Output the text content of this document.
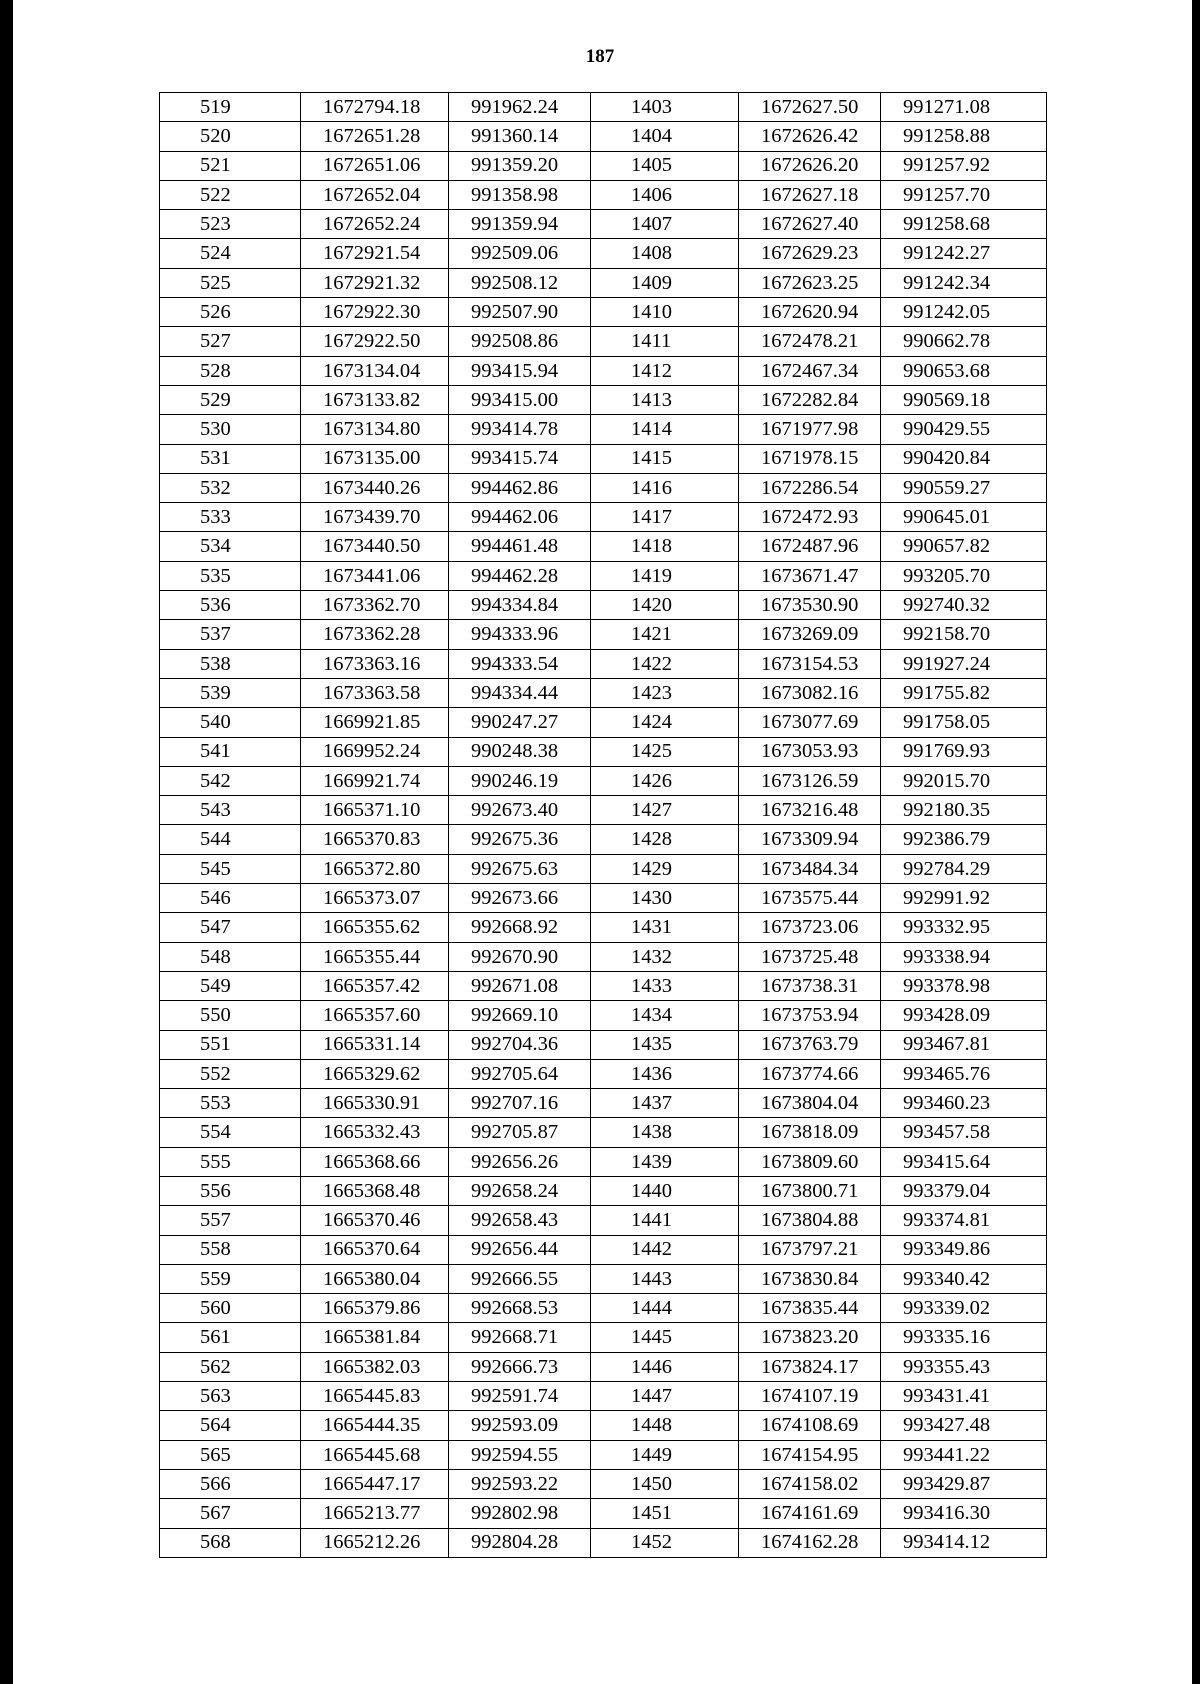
187
519	1672794.18	991962.24	1403	1672627.50	991271.08
520	1672651.28	991360.14	1404	1672626.42	991258.88
521	1672651.06	991359.20	1405	1672626.20	991257.92
522	1672652.04	991358.98	1406	1672627.18	991257.70
523	1672652.24	991359.94	1407	1672627.40	991258.68
524	1672921.54	992509.06	1408	1672629.23	991242.27
525	1672921.32	992508.12	1409	1672623.25	991242.34
526	1672922.30	992507.90	1410	1672620.94	991242.05
527	1672922.50	992508.86	1411	1672478.21	990662.78
528	1673134.04	993415.94	1412	1672467.34	990653.68
529	1673133.82	993415.00	1413	1672282.84	990569.18
530	1673134.80	993414.78	1414	1671977.98	990429.55
531	1673135.00	993415.74	1415	1671978.15	990420.84
532	1673440.26	994462.86	1416	1672286.54	990559.27
533	1673439.70	994462.06	1417	1672472.93	990645.01
534	1673440.50	994461.48	1418	1672487.96	990657.82
535	1673441.06	994462.28	1419	1673671.47	993205.70
536	1673362.70	994334.84	1420	1673530.90	992740.32
537	1673362.28	994333.96	1421	1673269.09	992158.70
538	1673363.16	994333.54	1422	1673154.53	991927.24
539	1673363.58	994334.44	1423	1673082.16	991755.82
540	1669921.85	990247.27	1424	1673077.69	991758.05
541	1669952.24	990248.38	1425	1673053.93	991769.93
542	1669921.74	990246.19	1426	1673126.59	992015.70
543	1665371.10	992673.40	1427	1673216.48	992180.35
544	1665370.83	992675.36	1428	1673309.94	992386.79
545	1665372.80	992675.63	1429	1673484.34	992784.29
546	1665373.07	992673.66	1430	1673575.44	992991.92
547	1665355.62	992668.92	1431	1673723.06	993332.95
548	1665355.44	992670.90	1432	1673725.48	993338.94
549	1665357.42	992671.08	1433	1673738.31	993378.98
550	1665357.60	992669.10	1434	1673753.94	993428.09
551	1665331.14	992704.36	1435	1673763.79	993467.81
552	1665329.62	992705.64	1436	1673774.66	993465.76
553	1665330.91	992707.16	1437	1673804.04	993460.23
554	1665332.43	992705.87	1438	1673818.09	993457.58
555	1665368.66	992656.26	1439	1673809.60	993415.64
556	1665368.48	992658.24	1440	1673800.71	993379.04
557	1665370.46	992658.43	1441	1673804.88	993374.81
558	1665370.64	992656.44	1442	1673797.21	993349.86
559	1665380.04	992666.55	1443	1673830.84	993340.42
560	1665379.86	992668.53	1444	1673835.44	993339.02
561	1665381.84	992668.71	1445	1673823.20	993335.16
562	1665382.03	992666.73	1446	1673824.17	993355.43
563	1665445.83	992591.74	1447	1674107.19	993431.41
564	1665444.35	992593.09	1448	1674108.69	993427.48
565	1665445.68	992594.55	1449	1674154.95	993441.22
566	1665447.17	992593.22	1450	1674158.02	993429.87
567	1665213.77	992802.98	1451	1674161.69	993416.30
568	1665212.26	992804.28	1452	1674162.28	993414.12
